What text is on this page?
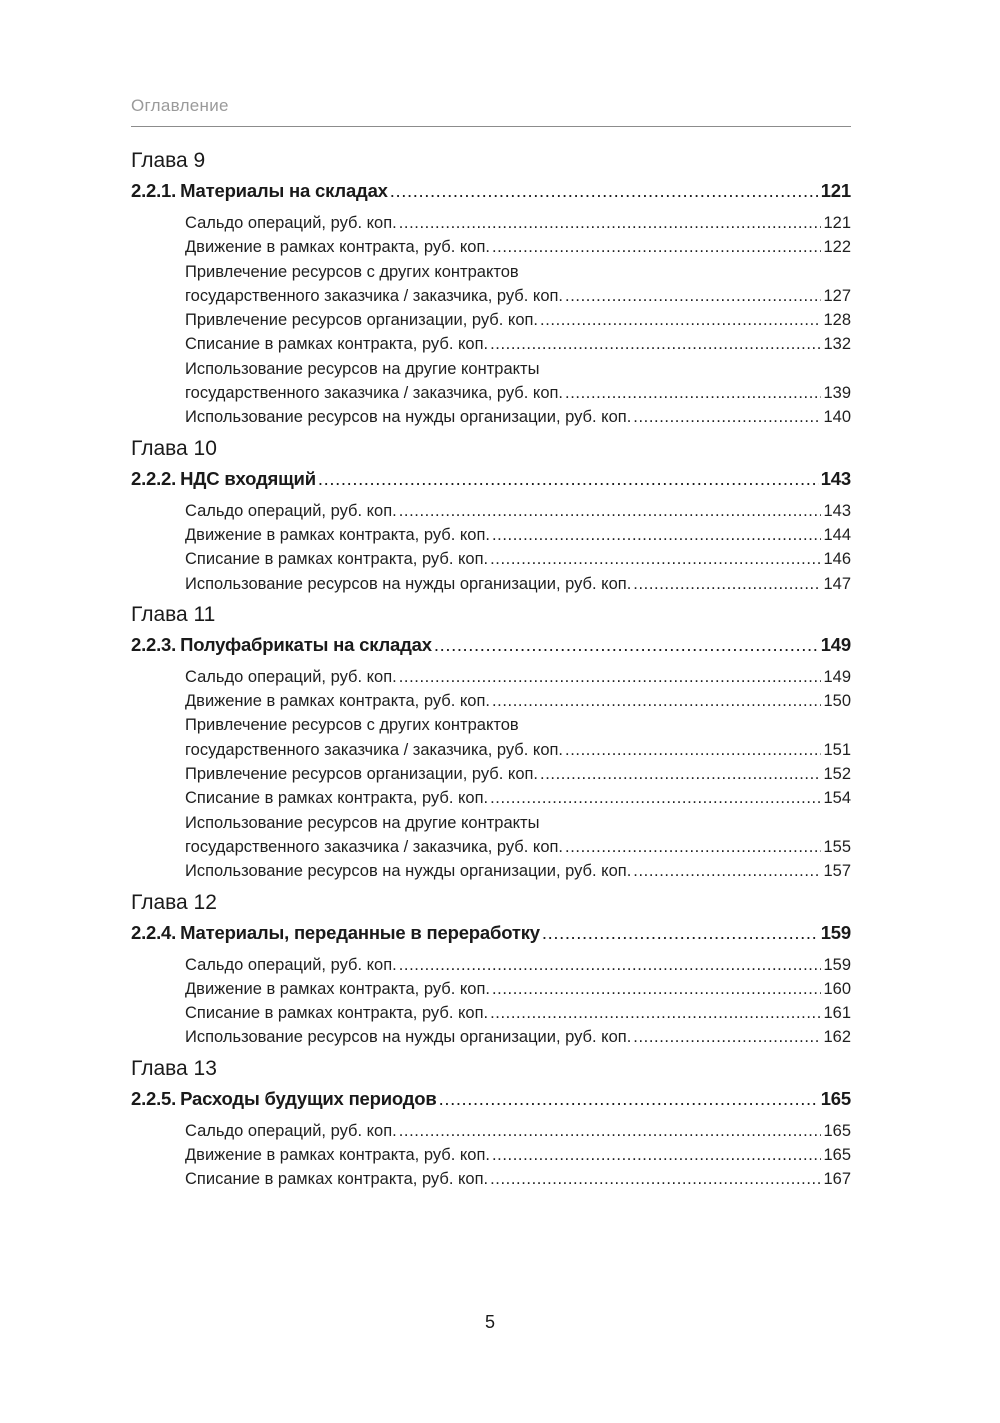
Оглавление
Глава 9
2.2.1. Материалы на складах .....	121
Сальдо операций, руб. коп. .....	121
Движение в рамках контракта, руб. коп. .....	122
Привлечение ресурсов с других контрактов
государственного заказчика / заказчика, руб. коп. .....	127
Привлечение ресурсов организации, руб. коп. .....	128
Списание в рамках контракта, руб. коп. .....	132
Использование ресурсов на другие контракты
государственного заказчика / заказчика, руб. коп. .....	139
Использование ресурсов на нужды организации, руб. коп. .....	140
Глава 10
2.2.2. НДС входящий .....	143
Сальдо операций, руб. коп. .....	143
Движение в рамках контракта, руб. коп. .....	144
Списание в рамках контракта, руб. коп. .....	146
Использование ресурсов на нужды организации, руб. коп. .....	147
Глава 11
2.2.3. Полуфабрикаты на складах .....	149
Сальдо операций, руб. коп. .....	149
Движение в рамках контракта, руб. коп. .....	150
Привлечение ресурсов с других контрактов
государственного заказчика / заказчика, руб. коп. .....	151
Привлечение ресурсов организации, руб. коп. .....	152
Списание в рамках контракта, руб. коп. .....	154
Использование ресурсов на другие контракты
государственного заказчика / заказчика, руб. коп. .....	155
Использование ресурсов на нужды организации, руб. коп. .....	157
Глава 12
2.2.4. Материалы, переданные в переработку .....	159
Сальдо операций, руб. коп. .....	159
Движение в рамках контракта, руб. коп. .....	160
Списание в рамках контракта, руб. коп. .....	161
Использование ресурсов на нужды организации, руб. коп. .....	162
Глава 13
2.2.5. Расходы будущих периодов .....	165
Сальдо операций, руб. коп. .....	165
Движение в рамках контракта, руб. коп. .....	165
Списание в рамках контракта, руб. коп. .....	167
5
